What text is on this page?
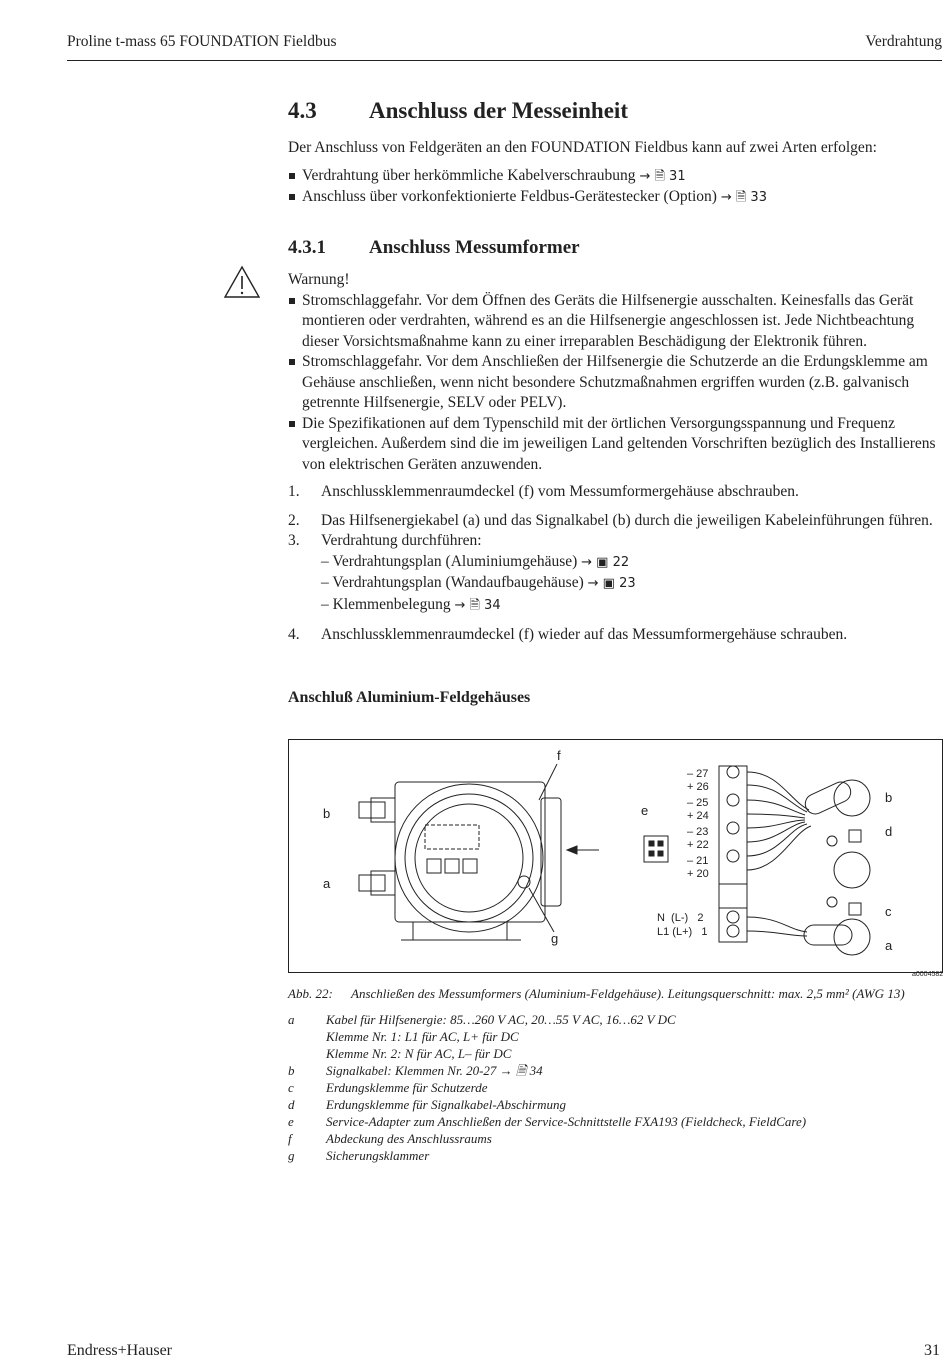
Proline t-mass 65 FOUNDATION Fieldbus	Verdrahtung
4.3 Anschluss der Messeinheit

Der Anschluss von Feldgeräten an den FOUNDATION Fieldbus kann auf zwei Arten erfolgen:

Verdrahtung über herkömmliche Kabelverschraubung → 🗎 31

Anschluss über vorkonfektionierte Feldbus-Gerätestecker (Option) → 🗎 33

4.3.1 Anschluss Messumformer

Warnung!

Stromschlaggefahr. Vor dem Öffnen des Geräts die Hilfsenergie ausschalten. Keinesfalls das Gerät montieren oder verdrahten, während es an die Hilfsenergie angeschlossen ist. Jede Nichtbeachtung dieser Vorsichtsmaßnahme kann zu einer irreparablen Beschädigung der Elektronik führen.

Stromschlaggefahr. Vor dem Anschließen der Hilfsenergie die Schutzerde an die Erdungsklemme am Gehäuse anschließen, wenn nicht besondere Schutzmaßnahmen ergriffen wurden (z.B. galvanisch getrennte Hilfsenergie, SELV oder PELV).

Die Spezifikationen auf dem Typenschild mit der örtlichen Versorgungsspannung und Frequenz vergleichen. Außerdem sind die im jeweiligen Land geltenden Vorschriften bezüglich des Installierens von elektrischen Geräten anzuwenden.

1. Anschlussklemmenraumdeckel (f) vom Messumformergehäuse abschrauben.

2. Das Hilfsenergiekabel (a) und das Signalkabel (b) durch die jeweiligen Kabeleinführungen führen.

3. Verdrahtung durchführen:

– Verdrahtungsplan (Aluminiumgehäuse) → ▣ 22

– Verdrahtungsplan (Wandaufbaugehäuse) → ▣ 23

– Klemmenbelegung → 🗎 34

4. Anschlussklemmenraumdeckel (f) wieder auf das Messumformergehäuse schrauben.

Anschluß Aluminium-Feldgehäuses
f
b
a
g
e
b
d
c
a
– 27
+ 26
– 25
+ 24
– 23
+ 22
– 21
+ 20
N  (L-)   2
L1 (L+)   1
a0004582
Abb. 22: Anschließen des Messumformers (Aluminium-Feldgehäuse). Leitungsquerschnitt: max. 2,5 mm² (AWG 13)
a	Kabel für Hilfsenergie: 85…260 V AC, 20…55 V AC, 16…62 V DC
	Klemme Nr. 1: L1 für AC, L+ für DC
	Klemme Nr. 2: N für AC, L– für DC
b	Signalkabel: Klemmen Nr. 20-27 → 🗎 34
c	Erdungsklemme für Schutzerde
d	Erdungsklemme für Signalkabel-Abschirmung
e	Service-Adapter zum Anschließen der Service-Schnittstelle FXA193 (Fieldcheck, FieldCare)
f	Abdeckung des Anschlussraums
g	Sicherungsklammer
Endress+Hauser	31
